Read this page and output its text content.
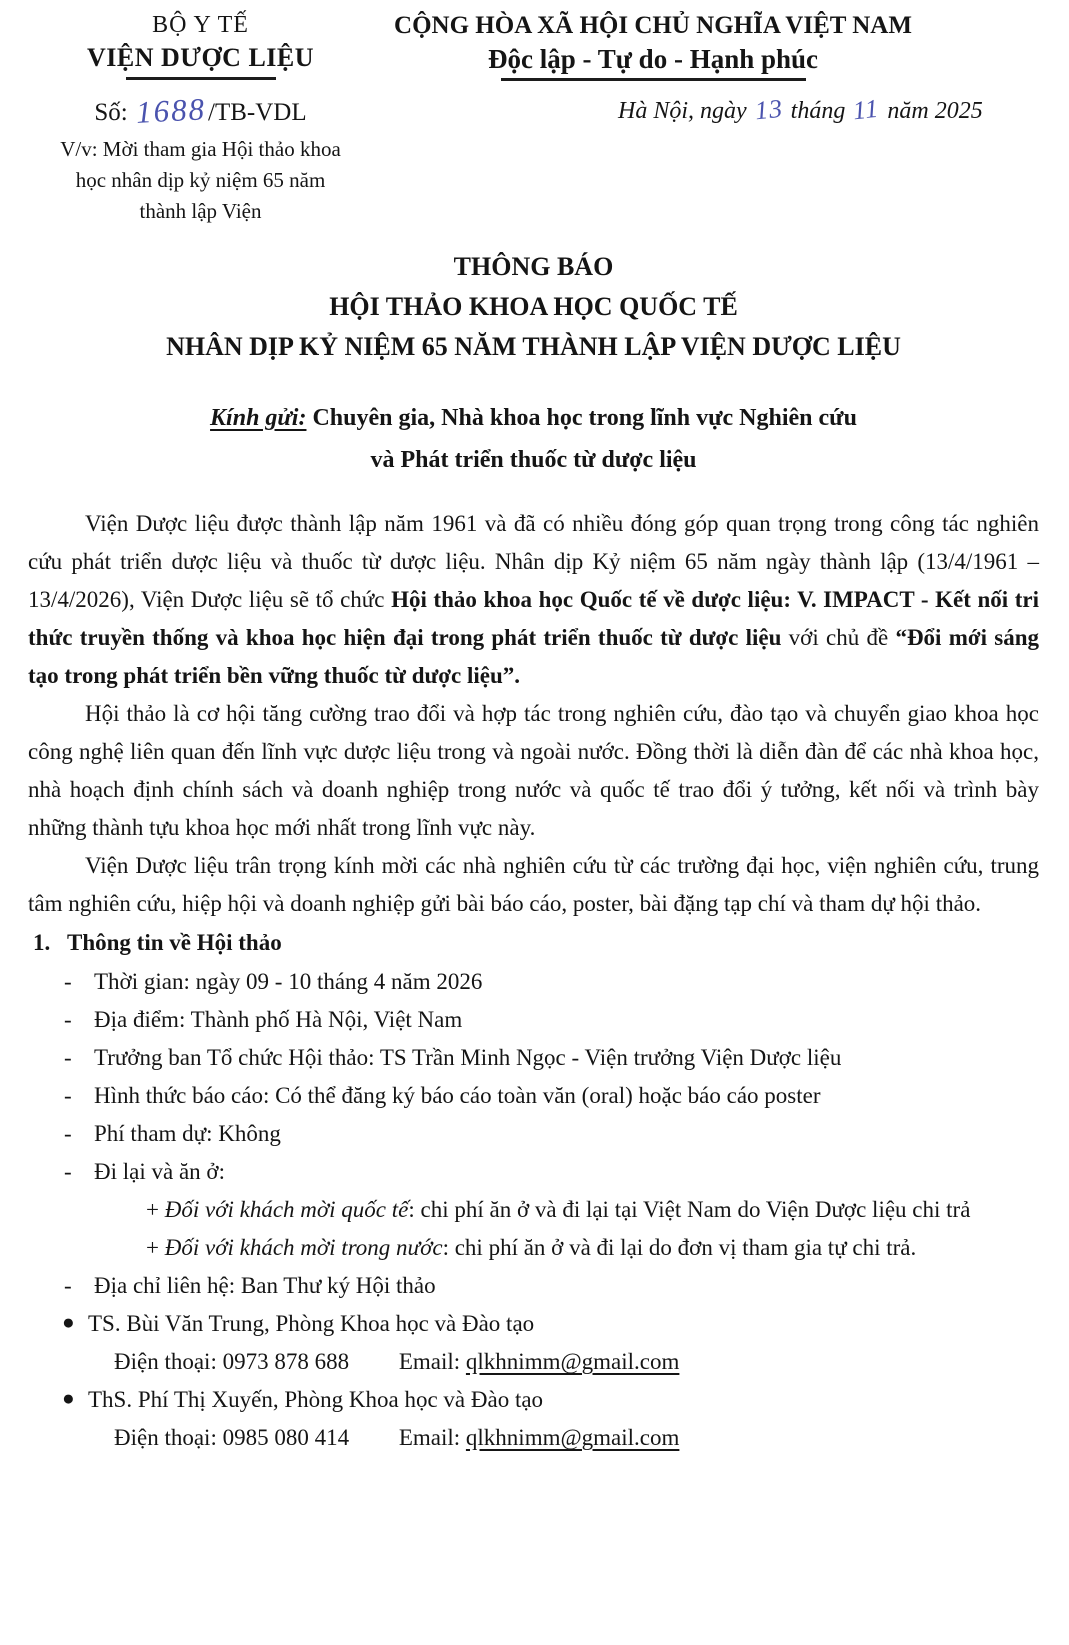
BỘ Y TẾ
VIỆN DƯỢC LIỆU
Số: 1688/TB-VDL
V/v: Mời tham gia Hội thảo khoa học nhân dịp kỷ niệm 65 năm thành lập Viện
CỘNG HÒA XÃ HỘI CHỦ NGHĨA VIỆT NAM
Độc lập - Tự do - Hạnh phúc
Hà Nội, ngày 13 tháng 11 năm 2025
THÔNG BÁO
HỘI THẢO KHOA HỌC QUỐC TẾ
NHÂN DỊP KỶ NIỆM 65 NĂM THÀNH LẬP VIỆN DƯỢC LIỆU
Kính gửi: Chuyên gia, Nhà khoa học trong lĩnh vực Nghiên cứu
và Phát triển thuốc từ dược liệu

Viện Dược liệu được thành lập năm 1961 và đã có nhiều đóng góp quan trọng trong công tác nghiên cứu phát triển dược liệu và thuốc từ dược liệu. Nhân dịp Kỷ niệm 65 năm ngày thành lập (13/4/1961 – 13/4/2026), Viện Dược liệu sẽ tổ chức Hội thảo khoa học Quốc tế về dược liệu: V. IMPACT - Kết nối tri thức truyền thống và khoa học hiện đại trong phát triển thuốc từ dược liệu với chủ đề “Đổi mới sáng tạo trong phát triển bền vững thuốc từ dược liệu”.

Hội thảo là cơ hội tăng cường trao đổi và hợp tác trong nghiên cứu, đào tạo và chuyển giao khoa học công nghệ liên quan đến lĩnh vực dược liệu trong và ngoài nước. Đồng thời là diễn đàn để các nhà khoa học, nhà hoạch định chính sách và doanh nghiệp trong nước và quốc tế trao đổi ý tưởng, kết nối và trình bày những thành tựu khoa học mới nhất trong lĩnh vực này.

Viện Dược liệu trân trọng kính mời các nhà nghiên cứu từ các trường đại học, viện nghiên cứu, trung tâm nghiên cứu, hiệp hội và doanh nghiệp gửi bài báo cáo, poster, bài đặng tạp chí và tham dự hội thảo.

1. Thông tin về Hội thảo
- Thời gian: ngày 09 - 10 tháng 4 năm 2026
- Địa điểm: Thành phố Hà Nội, Việt Nam
- Trưởng ban Tổ chức Hội thảo: TS Trần Minh Ngọc - Viện trưởng Viện Dược liệu
- Hình thức báo cáo: Có thể đăng ký báo cáo toàn văn (oral) hoặc báo cáo poster
- Phí tham dự: Không
- Đi lại và ăn ở:
+ Đối với khách mời quốc tế: chi phí ăn ở và đi lại tại Việt Nam do Viện Dược liệu chi trả
+ Đối với khách mời trong nước: chi phí ăn ở và đi lại do đơn vị tham gia tự chi trả.
- Địa chỉ liên hệ: Ban Thư ký Hội thảo
● TS. Bùi Văn Trung, Phòng Khoa học và Đào tạo
Điện thoại: 0973 878 688 Email: qlkhnimm@gmail.com
● ThS. Phí Thị Xuyến, Phòng Khoa học và Đào tạo
Điện thoại: 0985 080 414 Email: qlkhnimm@gmail.com
